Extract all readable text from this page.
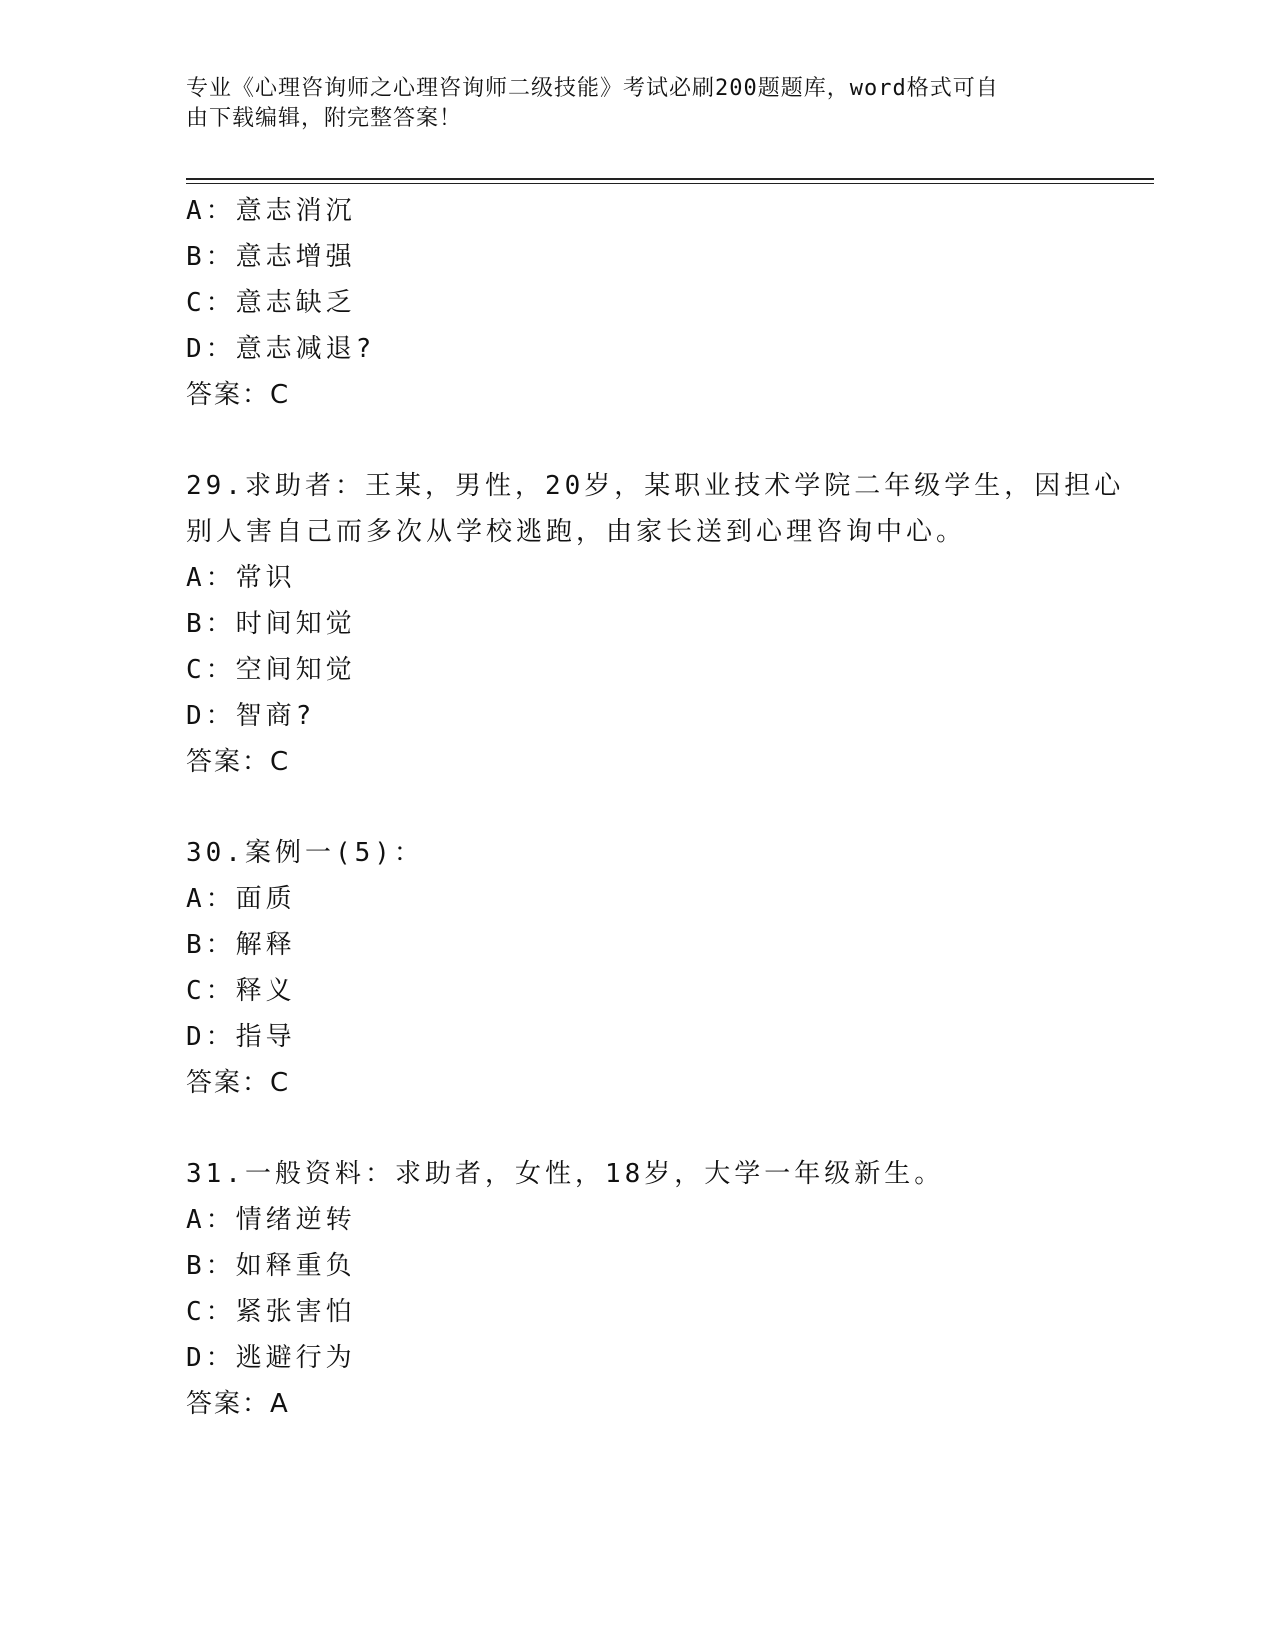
专业《心理咨询师之心理咨询师二级技能》考试必刷200题题库，word格式可自
由下载编辑，附完整答案！
A：意志消沉
B：意志增强
C：意志缺乏
D：意志减退?
答案：C
29.求助者：王某，男性，20岁，某职业技术学院二年级学生，因担心
别人害自己而多次从学校逃跑，由家长送到心理咨询中心。
A：常识
B：时间知觉
C：空间知觉
D：智商?
答案：C
30.案例一(5)：
A：面质
B：解释
C：释义
D：指导
答案：C
31.一般资料：求助者，女性，18岁，大学一年级新生。
A：情绪逆转
B：如释重负
C：紧张害怕
D：逃避行为
答案：A
